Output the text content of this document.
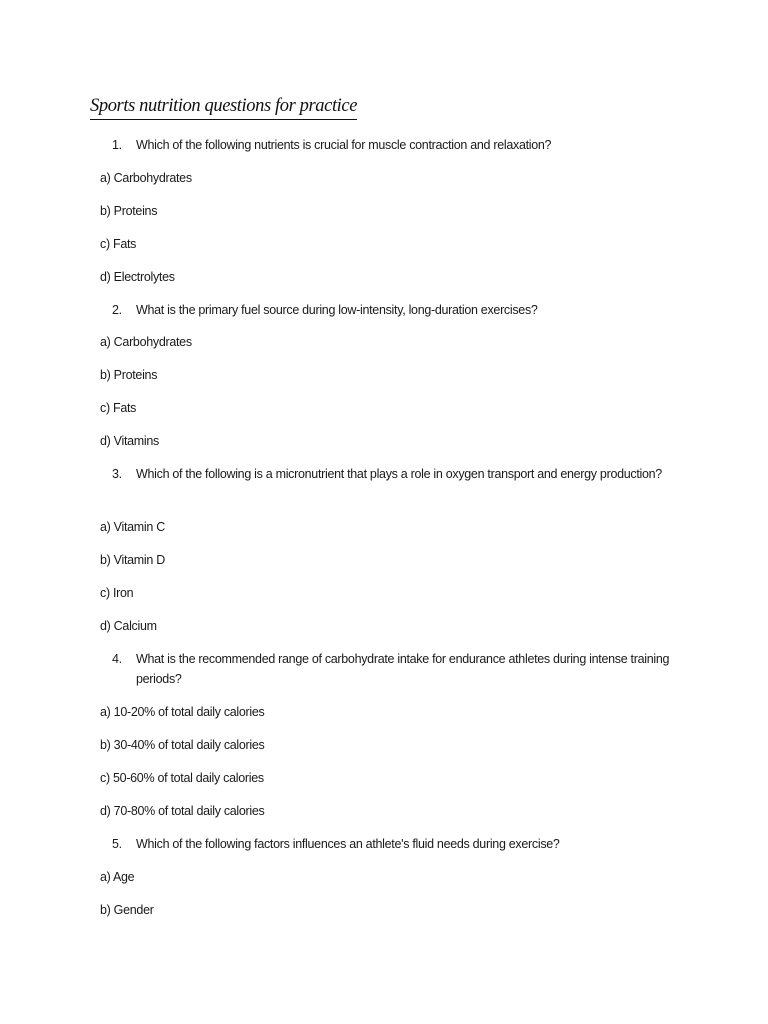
Sports nutrition questions for practice
1. Which of the following nutrients is crucial for muscle contraction and relaxation?
a) Carbohydrates
b) Proteins
c) Fats
d) Electrolytes
2. What is the primary fuel source during low-intensity, long-duration exercises?
a) Carbohydrates
b) Proteins
c) Fats
d) Vitamins
3. Which of the following is a micronutrient that plays a role in oxygen transport and energy production?
a) Vitamin C
b) Vitamin D
c) Iron
d) Calcium
4. What is the recommended range of carbohydrate intake for endurance athletes during intense training periods?
a) 10-20% of total daily calories
b) 30-40% of total daily calories
c) 50-60% of total daily calories
d) 70-80% of total daily calories
5. Which of the following factors influences an athlete's fluid needs during exercise?
a) Age
b) Gender
